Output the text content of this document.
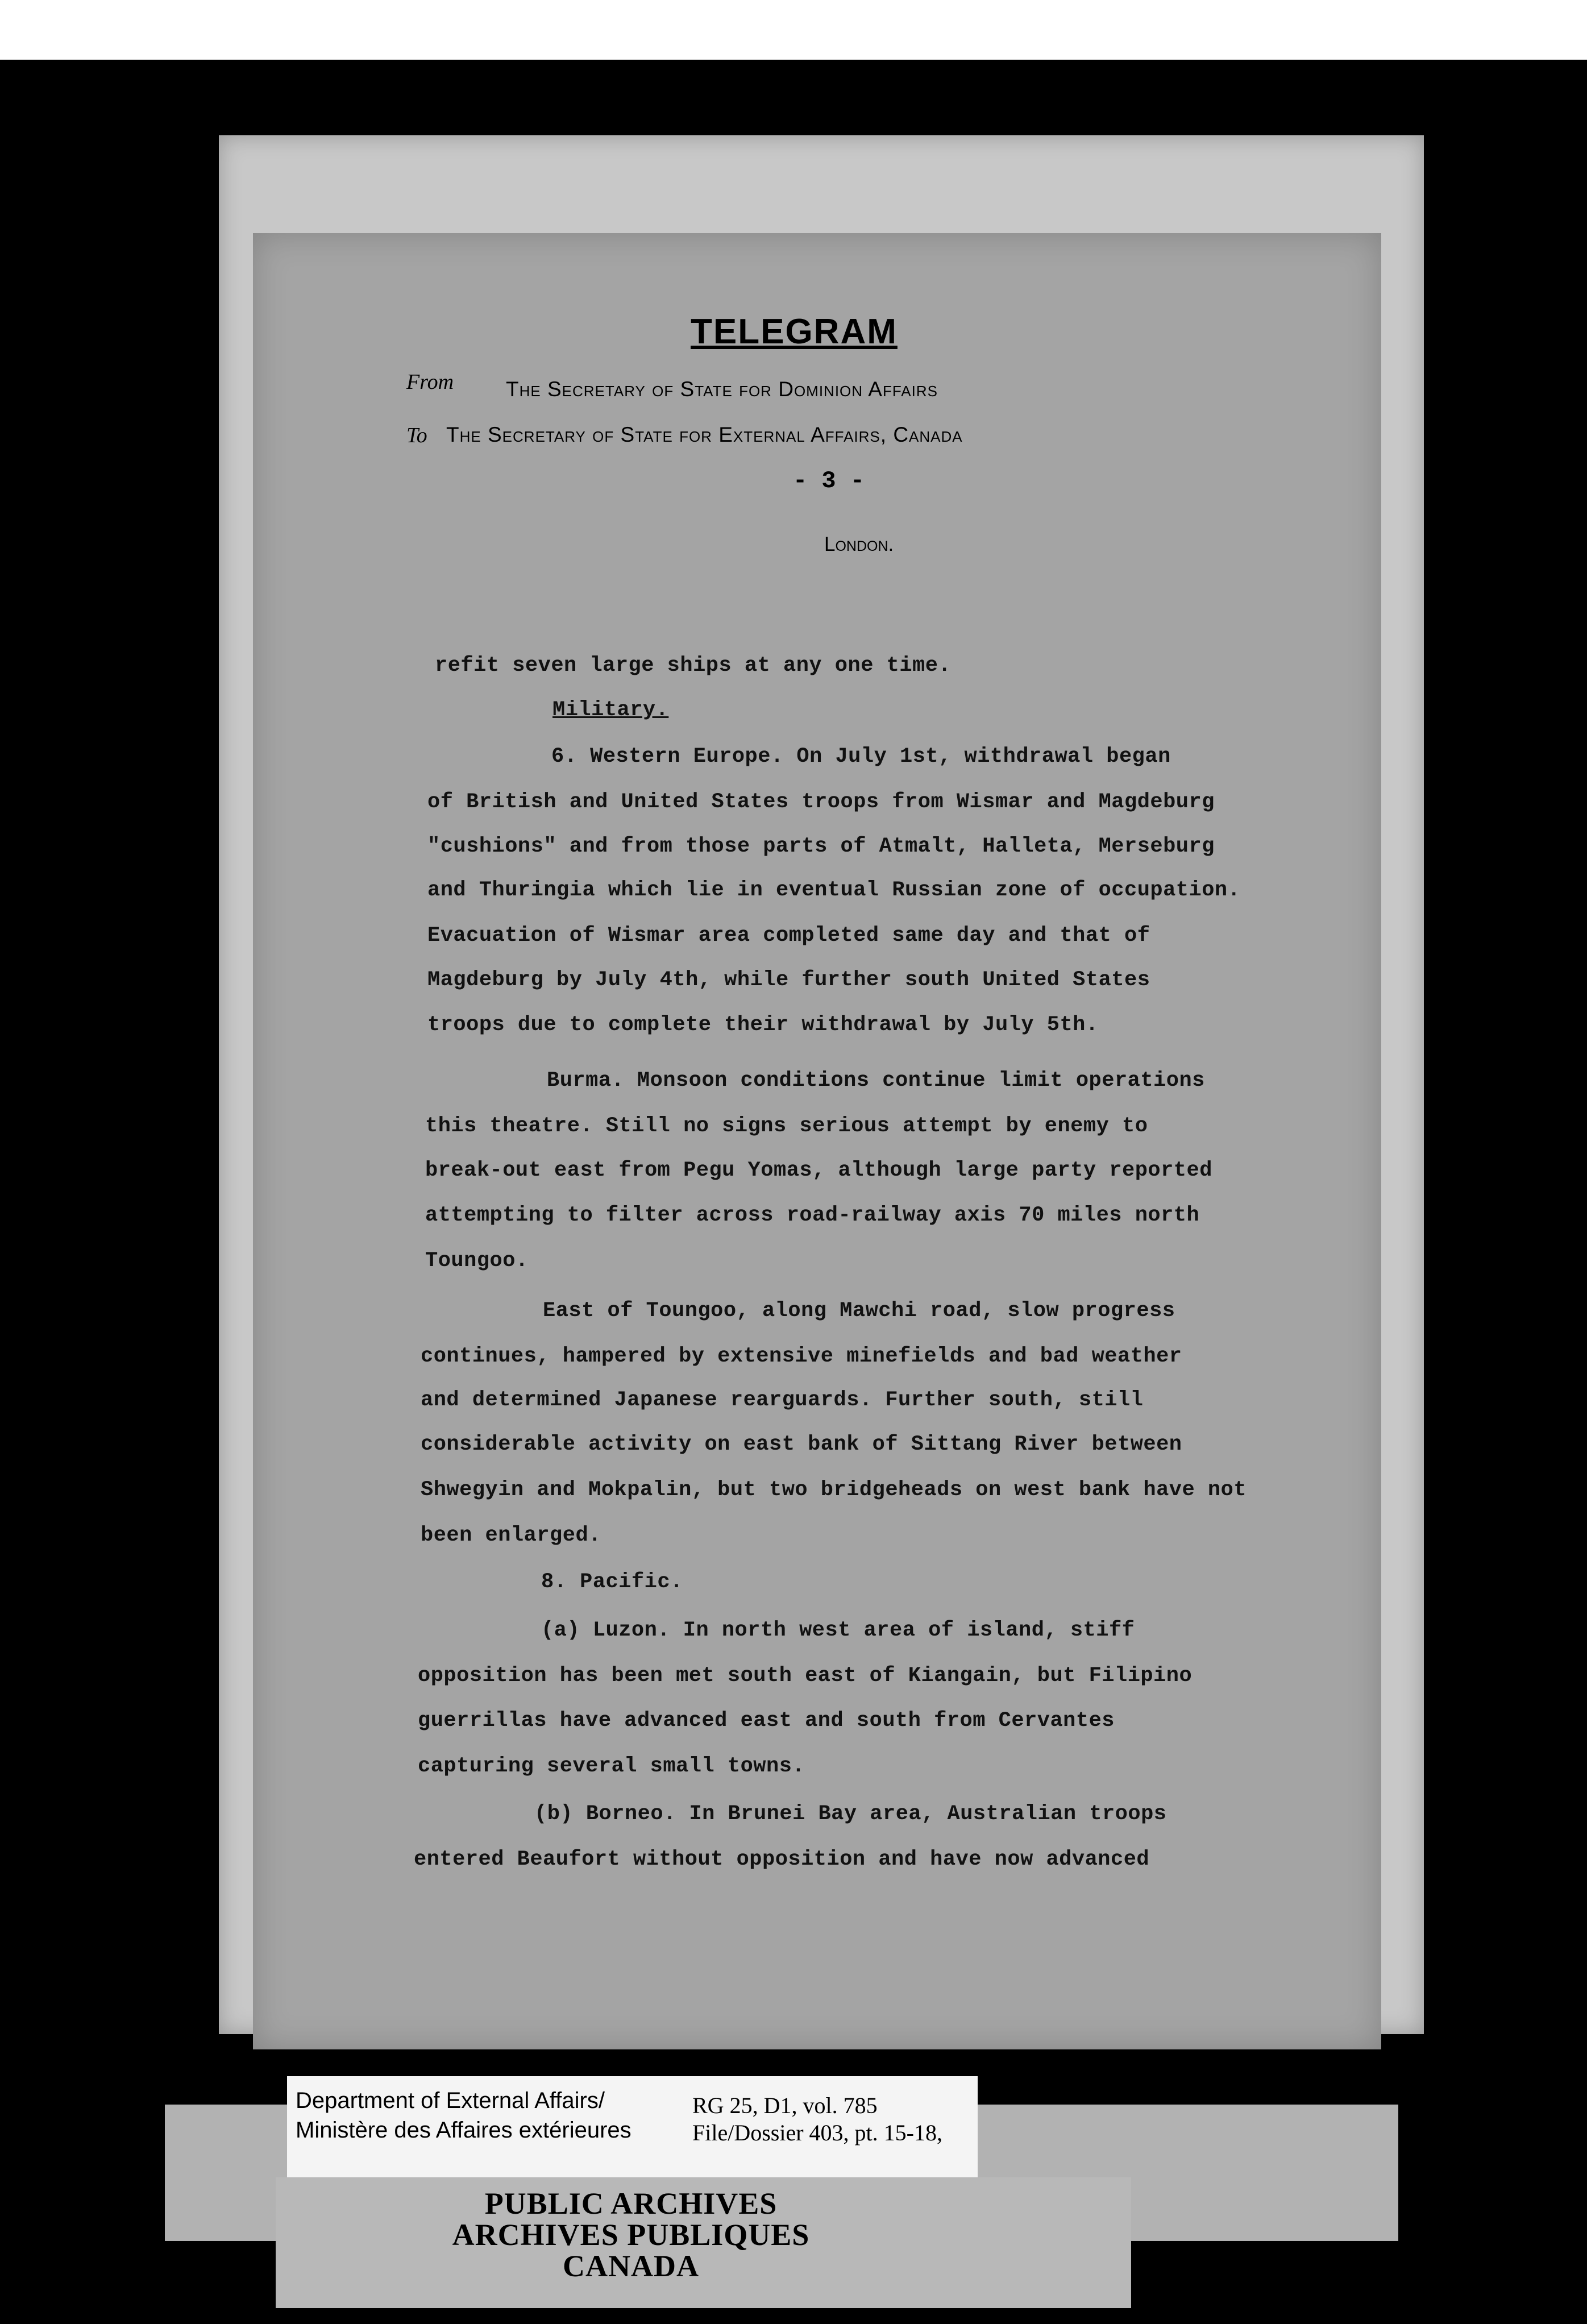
TELEGRAM
From The Secretary of State for Dominion Affairs
To The Secretary of State for External Affairs, Canada
- 3 -
London.
refit seven large ships at any one time.
Military.
6. Western Europe. On July 1st, withdrawal began
of British and United States troops from Wismar and Magdeburg
"cushions" and from those parts of Atmalt, Halleta, Merseburg
and Thuringia which lie in eventual Russian zone of occupation.
Evacuation of Wismar area completed same day and that of
Magdeburg by July 4th, while further south United States
troops due to complete their withdrawal by July 5th.
Burma. Monsoon conditions continue limit operations
this theatre. Still no signs serious attempt by enemy to
break-out east from Pegu Yomas, although large party reported
attempting to filter across road-railway axis 70 miles north
Toungoo.
East of Toungoo, along Mawchi road, slow progress
continues, hampered by extensive minefields and bad weather
and determined Japanese rearguards. Further south, still
considerable activity on east bank of Sittang River between
Shwegyin and Mokpalin, but two bridgeheads on west bank have not
been enlarged.
8. Pacific.
(a) Luzon. In north west area of island, stiff
opposition has been met south east of Kiangain, but Filipino
guerrillas have advanced east and south from Cervantes
capturing several small towns.
(b) Borneo. In Brunei Bay area, Australian troops
entered Beaufort without opposition and have now advanced
Department of External Affairs/
Ministère des Affaires extérieures
RG 25, D1, vol. 785
File/Dossier 403, pt. 15-18,
PUBLIC ARCHIVES
ARCHIVES PUBLIQUES
CANADA
